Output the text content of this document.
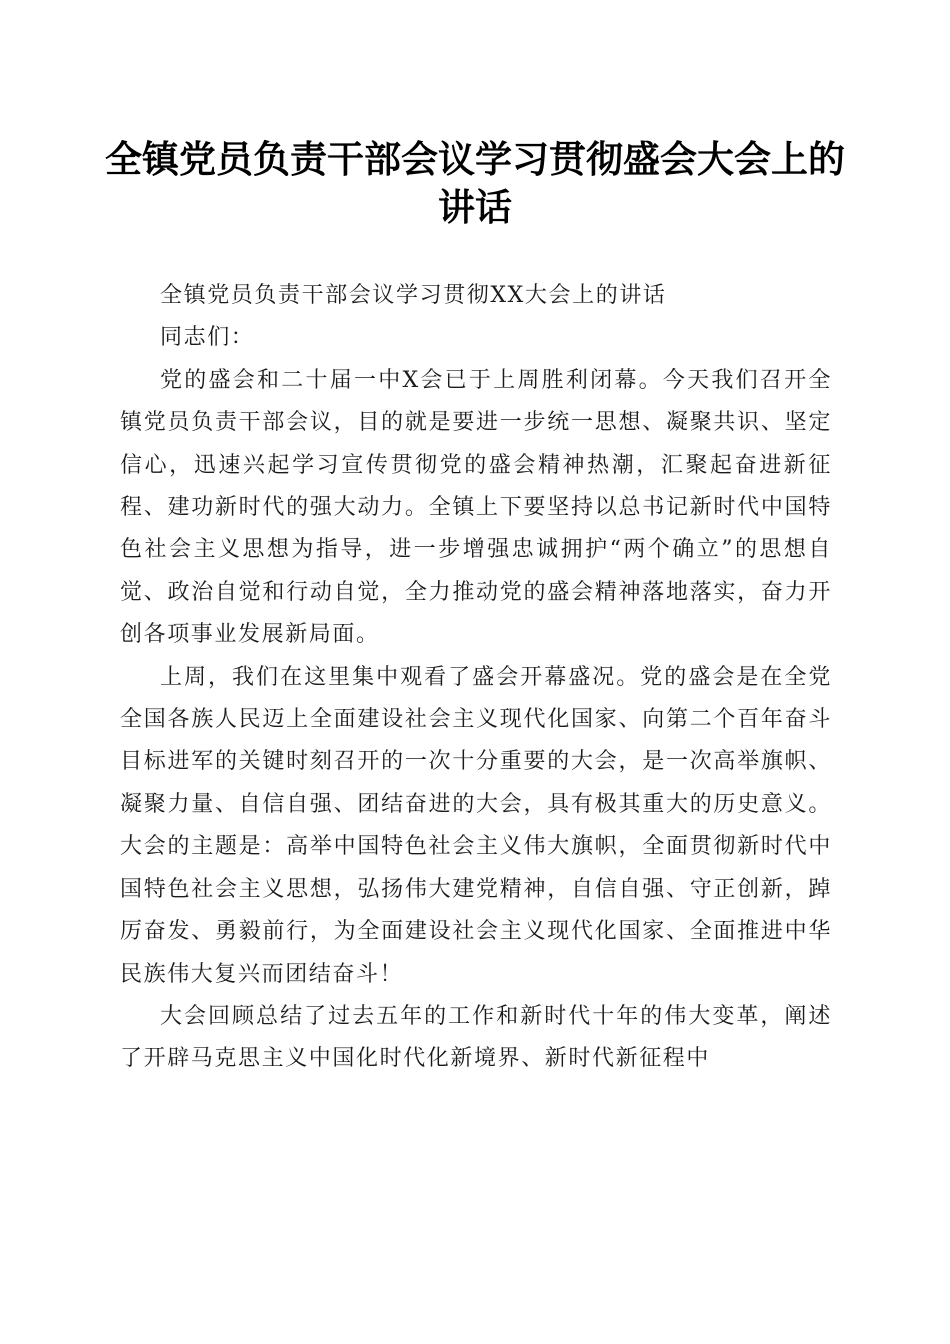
全镇党员负责干部会议学习贯彻盛会大会上的讲话

全镇党员负责干部会议学习贯彻XX大会上的讲话

同志们：

党的盛会和二十届一中X会已于上周胜利闭幕。今天我们召开全镇党员负责干部会议，目的就是要进一步统一思想、凝聚共识、坚定信心，迅速兴起学习宣传贯彻党的盛会精神热潮，汇聚起奋进新征程、建功新时代的强大动力。全镇上下要坚持以总书记新时代中国特色社会主义思想为指导，进一步增强忠诚拥护“两个确立”的思想自觉、政治自觉和行动自觉，全力推动党的盛会精神落地落实，奋力开创各项事业发展新局面。

上周，我们在这里集中观看了盛会开幕盛况。党的盛会是在全党全国各族人民迈上全面建设社会主义现代化国家、向第二个百年奋斗目标进军的关键时刻召开的一次十分重要的大会，是一次高举旗帜、凝聚力量、自信自强、团结奋进的大会，具有极其重大的历史意义。大会的主题是：高举中国特色社会主义伟大旗帜，全面贯彻新时代中国特色社会主义思想，弘扬伟大建党精神，自信自强、守正创新，踔厉奋发、勇毅前行，为全面建设社会主义现代化国家、全面推进中华民族伟大复兴而团结奋斗！

大会回顾总结了过去五年的工作和新时代十年的伟大变革，阐述了开辟马克思主义中国化时代化新境界、新时代新征程中
